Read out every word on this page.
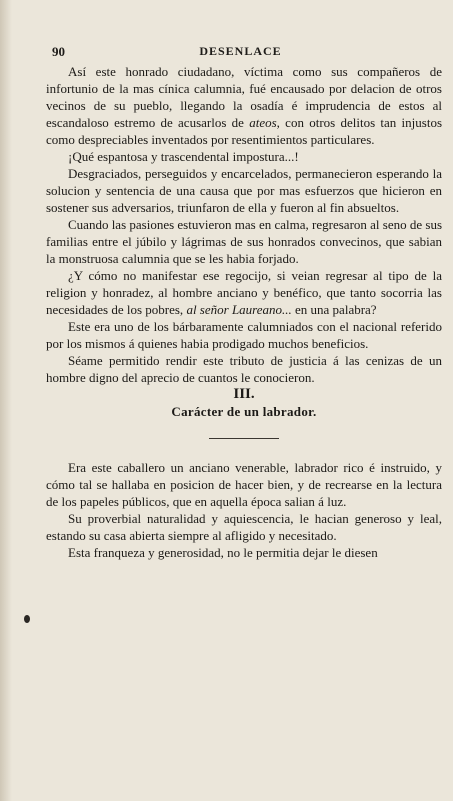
90	DESENLACE

Así este honrado ciudadano, víctima como sus compañeros de infortunio de la mas cínica calumnia, fué encausado por delacion de otros vecinos de su pueblo, llegando la osadía é imprudencia de estos al escandaloso estremo de acusarlos de ateos, con otros delitos tan injustos como despreciables inventados por resentimientos particulares.

¡Qué espantosa y trascendental impostura...!

Desgraciados, perseguidos y encarcelados, permanecieron esperando la solucion y sentencia de una causa que por mas esfuerzos que hicieron en sostener sus adversarios, triunfaron de ella y fueron al fin absueltos.

Cuando las pasiones estuvieron mas en calma, regresaron al seno de sus familias entre el júbilo y lágrimas de sus honrados convecinos, que sabian la monstruosa calumnia que se les habia forjado.

¿Y cómo no manifestar ese regocijo, si veian regresar al tipo de la religion y honradez, al hombre anciano y benéfico, que tanto socorria las necesidades de los pobres, al señor Laureano... en una palabra?

Este era uno de los bárbaramente calumniados con el nacional referido por los mismos á quienes habia prodigado muchos beneficios.

Séame permitido rendir este tributo de justicia á las cenizas de un hombre digno del aprecio de cuantos le conocieron.

III.

Carácter de un labrador.

Era este caballero un anciano venerable, labrador rico é instruido, y cómo tal se hallaba en posicion de hacer bien, y de recrearse en la lectura de los papeles públicos, que en aquella época salian á luz.

Su proverbial naturalidad y aquiescencia, le hacian generoso y leal, estando su casa abierta siempre al afligido y necesitado.

Esta franqueza y generosidad, no le permitia dejar le diesen
